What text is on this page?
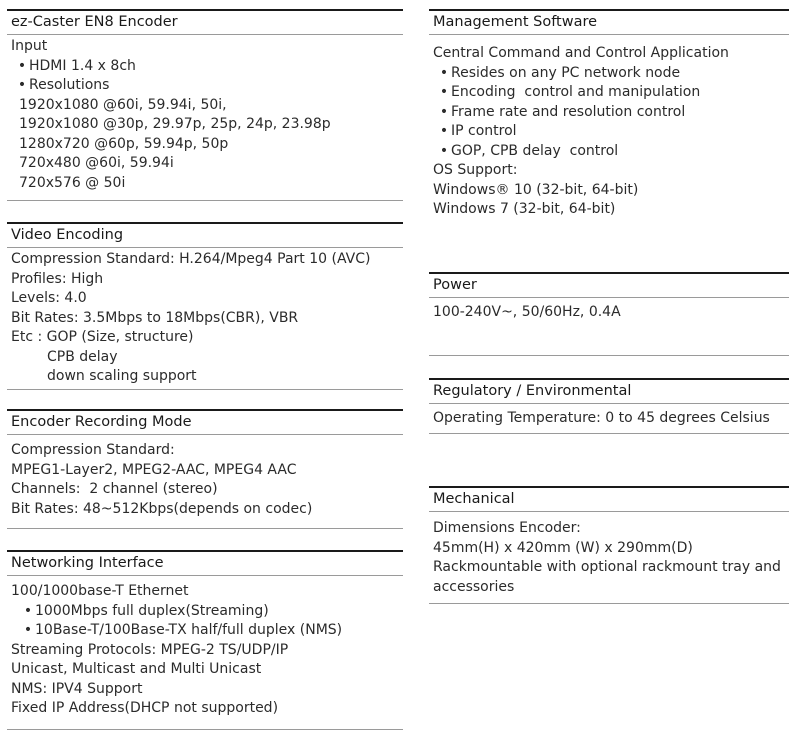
ez-Caster EN8 Encoder
Input
• HDMI 1.4 x 8ch
• Resolutions
1920x1080 @60i, 59.94i, 50i,
1920x1080 @30p, 29.97p, 25p, 24p, 23.98p
1280x720 @60p, 59.94p, 50p
720x480 @60i, 59.94i
720x576 @ 50i
Video Encoding
Compression Standard: H.264/Mpeg4 Part 10 (AVC)
Profiles: High
Levels: 4.0
Bit Rates: 3.5Mbps to 18Mbps(CBR), VBR
Etc : GOP (Size, structure)
CPB delay
down scaling support
Encoder Recording Mode
Compression Standard:
MPEG1-Layer2, MPEG2-AAC, MPEG4 AAC
Channels:  2 channel (stereo)
Bit Rates: 48~512Kbps(depends on codec)
Networking Interface
100/1000base-T Ethernet
• 1000Mbps full duplex(Streaming)
• 10Base-T/100Base-TX half/full duplex (NMS)
Streaming Protocols: MPEG-2 TS/UDP/IP
Unicast, Multicast and Multi Unicast
NMS: IPV4 Support
Fixed IP Address(DHCP not supported)
Management Software
Central Command and Control Application
• Resides on any PC network node
• Encoding  control and manipulation
• Frame rate and resolution control
• IP control
• GOP, CPB delay  control
OS Support:
Windows® 10 (32-bit, 64-bit)
Windows 7 (32-bit, 64-bit)
Power
100-240V~, 50/60Hz, 0.4A
Regulatory / Environmental
Operating Temperature: 0 to 45 degrees Celsius
Mechanical
Dimensions Encoder:
45mm(H) x 420mm (W) x 290mm(D)
Rackmountable with optional rackmount tray and
accessories
